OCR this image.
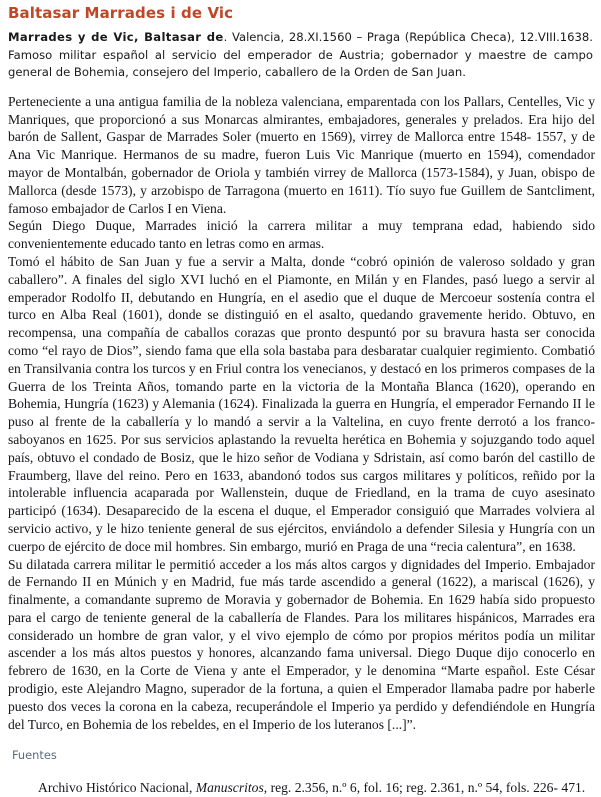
Baltasar Marrades i de Vic

Marrades y de Vic, Baltasar de. Valencia, 28.XI.1560 – Praga (República Checa), 12.VIII.1638. Famoso militar español al servicio del emperador de Austria; gobernador y maestre de campo general de Bohemia, consejero del Imperio, caballero de la Orden de San Juan.

Perteneciente a una antigua familia de la nobleza valenciana, emparentada con los Pallars, Centelles, Vic y Manriques, que proporcionó a sus Monarcas almirantes, embajadores, generales y prelados. Era hijo del barón de Sallent, Gaspar de Marrades Soler (muerto en 1569), virrey de Mallorca entre 1548- 1557, y de Ana Vic Manrique. Hermanos de su madre, fueron Luis Vic Manrique (muerto en 1594), comendador mayor de Montalbán, gobernador de Oriola y también virrey de Mallorca (1573-1584), y Juan, obispo de Mallorca (desde 1573), y arzobispo de Tarragona (muerto en 1611). Tío suyo fue Guillem de Santcliment, famoso embajador de Carlos I en Viena.

Según Diego Duque, Marrades inició la carrera militar a muy temprana edad, habiendo sido convenientemente educado tanto en letras como en armas.

Tomó el hábito de San Juan y fue a servir a Malta, donde “cobró opinión de valeroso soldado y gran caballero”. A finales del siglo XVI luchó en el Piamonte, en Milán y en Flandes, pasó luego a servir al emperador Rodolfo II, debutando en Hungría, en el asedio que el duque de Mercoeur sostenía contra el turco en Alba Real (1601), donde se distinguió en el asalto, quedando gravemente herido. Obtuvo, en recompensa, una compañía de caballos corazas que pronto despuntó por su bravura hasta ser conocida como “el rayo de Dios”, siendo fama que ella sola bastaba para desbaratar cualquier regimiento. Combatió en Transilvania contra los turcos y en Friul contra los venecianos, y destacó en los primeros compases de la Guerra de los Treinta Años, tomando parte en la victoria de la Montaña Blanca (1620), operando en Bohemia, Hungría (1623) y Alemania (1624). Finalizada la guerra en Hungría, el emperador Fernando II le puso al frente de la caballería y lo mandó a servir a la Valtelina, en cuyo frente derrotó a los franco-saboyanos en 1625. Por sus servicios aplastando la revuelta herética en Bohemia y sojuzgando todo aquel país, obtuvo el condado de Bosiz, que le hizo señor de Vodiana y Sdristain, así como barón del castillo de Fraumberg, llave del reino. Pero en 1633, abandonó todos sus cargos militares y políticos, reñido por la intolerable influencia acaparada por Wallenstein, duque de Friedland, en la trama de cuyo asesinato participó (1634). Desaparecido de la escena el duque, el Emperador consiguió que Marrades volviera al servicio activo, y le hizo teniente general de sus ejércitos, enviándolo a defender Silesia y Hungría con un cuerpo de ejército de doce mil hombres. Sin embargo, murió en Praga de una “recia calentura”, en 1638.

Su dilatada carrera militar le permitió acceder a los más altos cargos y dignidades del Imperio. Embajador de Fernando II en Múnich y en Madrid, fue más tarde ascendido a general (1622), a mariscal (1626), y finalmente, a comandante supremo de Moravia y gobernador de Bohemia. En 1629 había sido propuesto para el cargo de teniente general de la caballería de Flandes. Para los militares hispánicos, Marrades era considerado un hombre de gran valor, y el vivo ejemplo de cómo por propios méritos podía un militar ascender a los más altos puestos y honores, alcanzando fama universal. Diego Duque dijo conocerlo en febrero de 1630, en la Corte de Viena y ante el Emperador, y le denomina “Marte español. Este César prodigio, este Alejandro Magno, superador de la fortuna, a quien el Emperador llamaba padre por haberle puesto dos veces la corona en la cabeza, recuperándole el Imperio ya perdido y defendiéndole en Hungría del Turco, en Bohemia de los rebeldes, en el Imperio de los luteranos [...]”.

Fuentes
Archivo Histórico Nacional, Manuscritos, reg. 2.356, n.º 6, fol. 16; reg. 2.361, n.º 54, fols. 226- 471.
